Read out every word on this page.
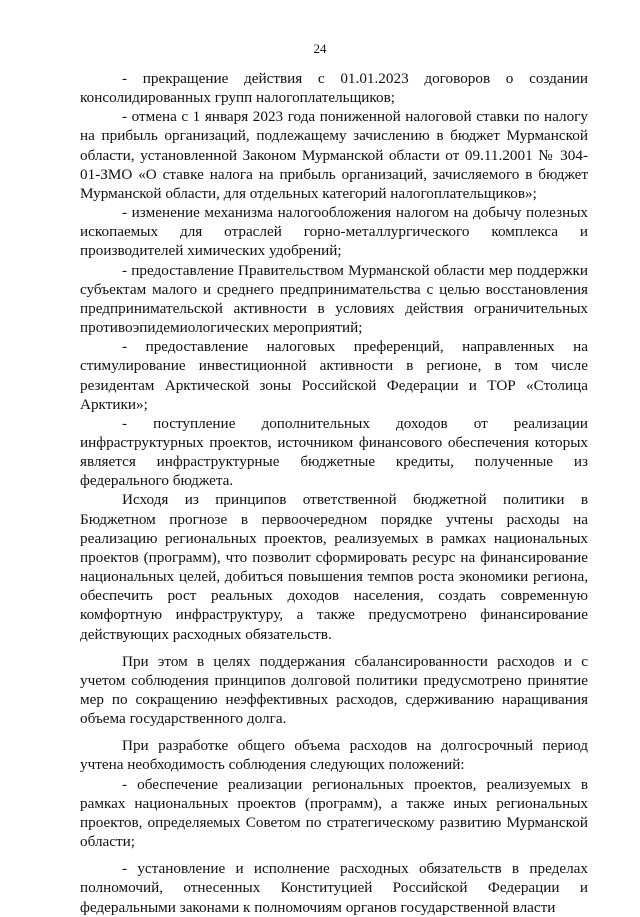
24

- прекращение действия с 01.01.2023 договоров о создании консолидированных групп налогоплательщиков;

- отмена с 1 января 2023 года пониженной налоговой ставки по налогу на прибыль организаций, подлежащему зачислению в бюджет Мурманской области, установленной Законом Мурманской области от 09.11.2001 № 304-01-ЗМО «О ставке налога на прибыль организаций, зачисляемого в бюджет Мурманской области, для отдельных категорий налогоплательщиков»;

- изменение механизма налогообложения налогом на добычу полезных ископаемых для отраслей горно-металлургического комплекса и производителей химических удобрений;

- предоставление Правительством Мурманской области мер поддержки субъектам малого и среднего предпринимательства с целью восстановления предпринимательской активности в условиях действия ограничительных противоэпидемиологических мероприятий;

- предоставление налоговых преференций, направленных на стимулирование инвестиционной активности в регионе, в том числе резидентам Арктической зоны Российской Федерации и ТОР «Столица Арктики»;

- поступление дополнительных доходов от реализации инфраструктурных проектов, источником финансового обеспечения которых является инфраструктурные бюджетные кредиты, полученные из федерального бюджета.

Исходя из принципов ответственной бюджетной политики в Бюджетном прогнозе в первоочередном порядке учтены расходы на реализацию региональных проектов, реализуемых в рамках национальных проектов (программ), что позволит сформировать ресурс на финансирование национальных целей, добиться повышения темпов роста экономики региона, обеспечить рост реальных доходов населения, создать современную комфортную инфраструктуру, а также предусмотрено финансирование действующих расходных обязательств.

При этом в целях поддержания сбалансированности расходов и с учетом соблюдения принципов долговой политики предусмотрено принятие мер по сокращению неэффективных расходов, сдерживанию наращивания объема государственного долга.

При разработке общего объема расходов на долгосрочный период учтена необходимость соблюдения следующих положений:

- обеспечение реализации региональных проектов, реализуемых в рамках национальных проектов (программ), а также иных региональных проектов, определяемых Советом по стратегическому развитию Мурманской области;

- установление и исполнение расходных обязательств в пределах полномочий, отнесенных Конституцией Российской Федерации и федеральными законами к полномочиям органов государственной власти
